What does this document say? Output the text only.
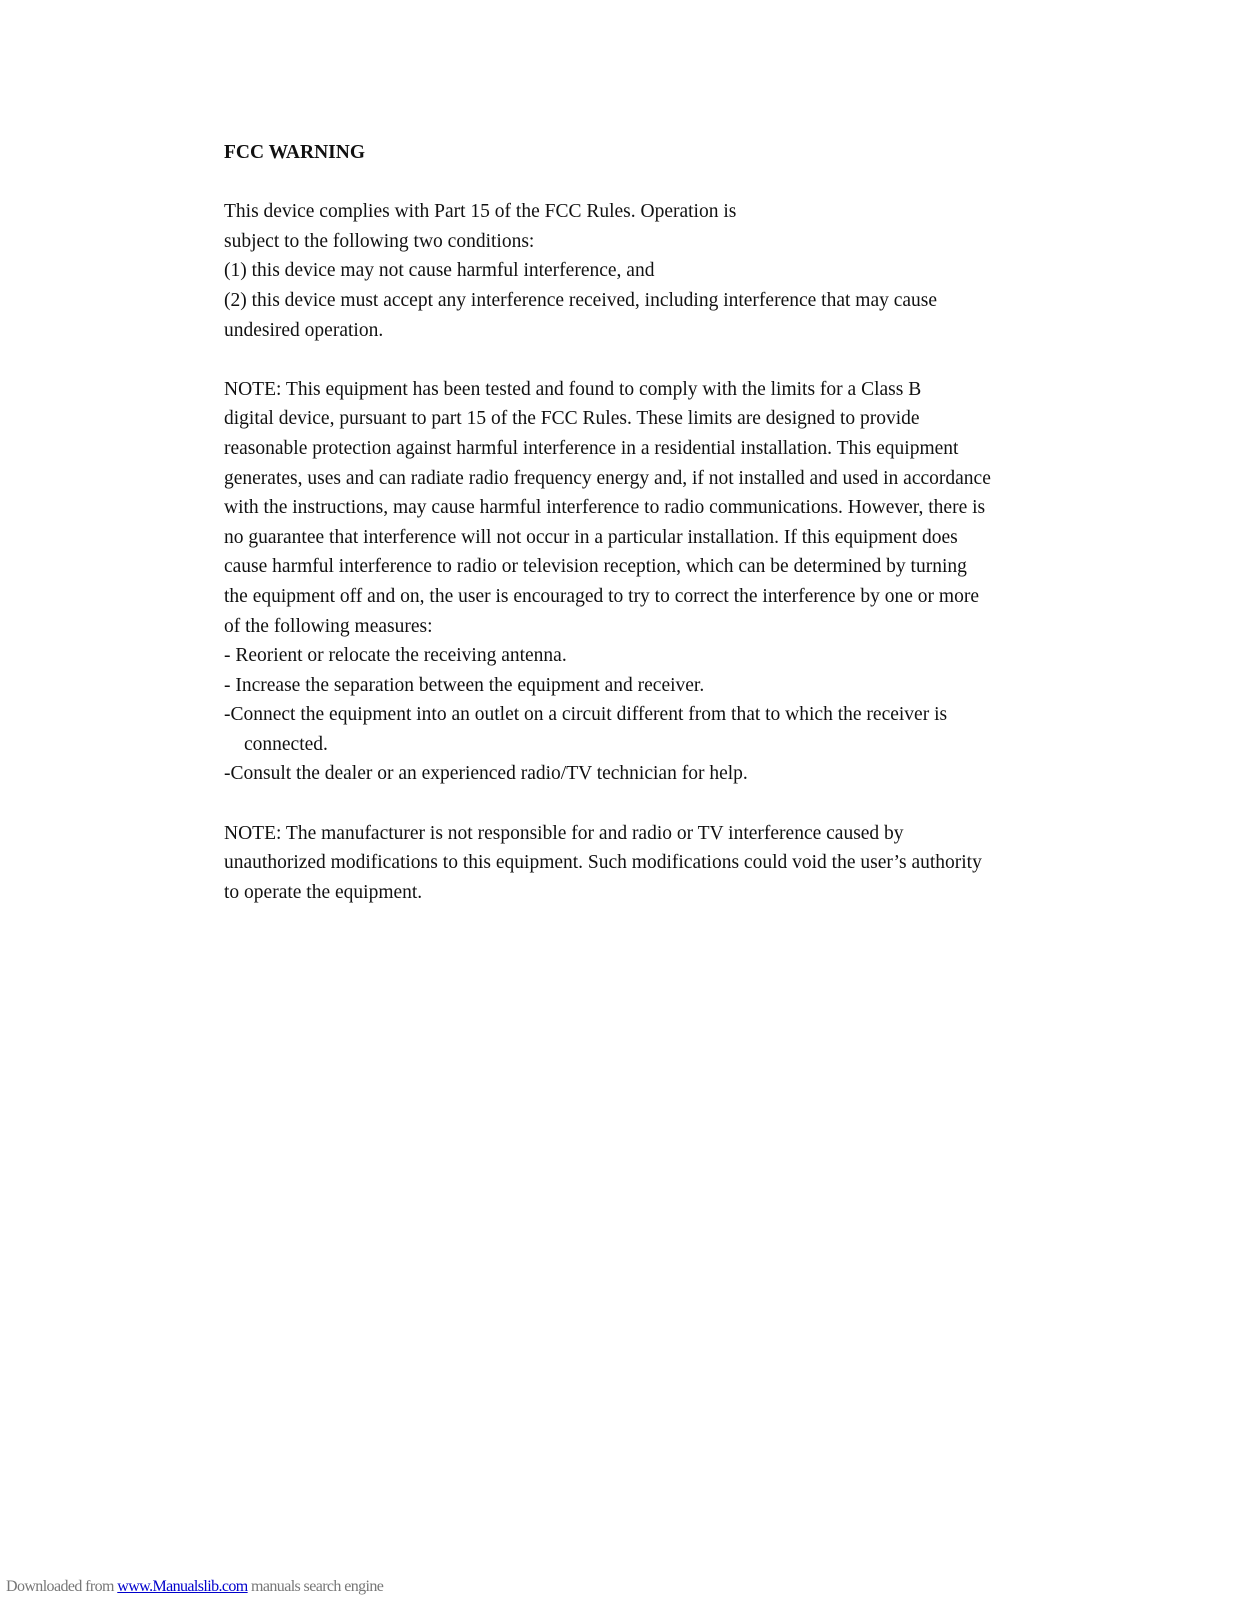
FCC WARNING

This device complies with Part 15 of the FCC Rules. Operation is
subject to the following two conditions:
(1) this device may not cause harmful interference, and
(2) this device must accept any interference received, including interference that may cause
undesired operation.
NOTE: This equipment has been tested and found to comply with the limits for a Class B
digital device, pursuant to part 15 of the FCC Rules. These limits are designed to provide
reasonable protection against harmful interference in a residential installation. This equipment
generates, uses and can radiate radio frequency energy and, if not installed and used in accordance
with the instructions, may cause harmful interference to radio communications. However, there is
no guarantee that interference will not occur in a particular installation. If this equipment does
cause harmful interference to radio or television reception, which can be determined by turning
the equipment off and on, the user is encouraged to try to correct the interference by one or more
of the following measures:
- Reorient or relocate the receiving antenna.
- Increase the separation between the equipment and receiver.
-Connect the equipment into an outlet on a circuit different from that to which the receiver is
connected.
-Consult the dealer or an experienced radio/TV technician for help.
NOTE: The manufacturer is not responsible for and radio or TV interference caused by
unauthorized modifications to this equipment. Such modifications could void the user’s authority
to operate the equipment.
Downloaded from www.Manualslib.com manuals search engine
